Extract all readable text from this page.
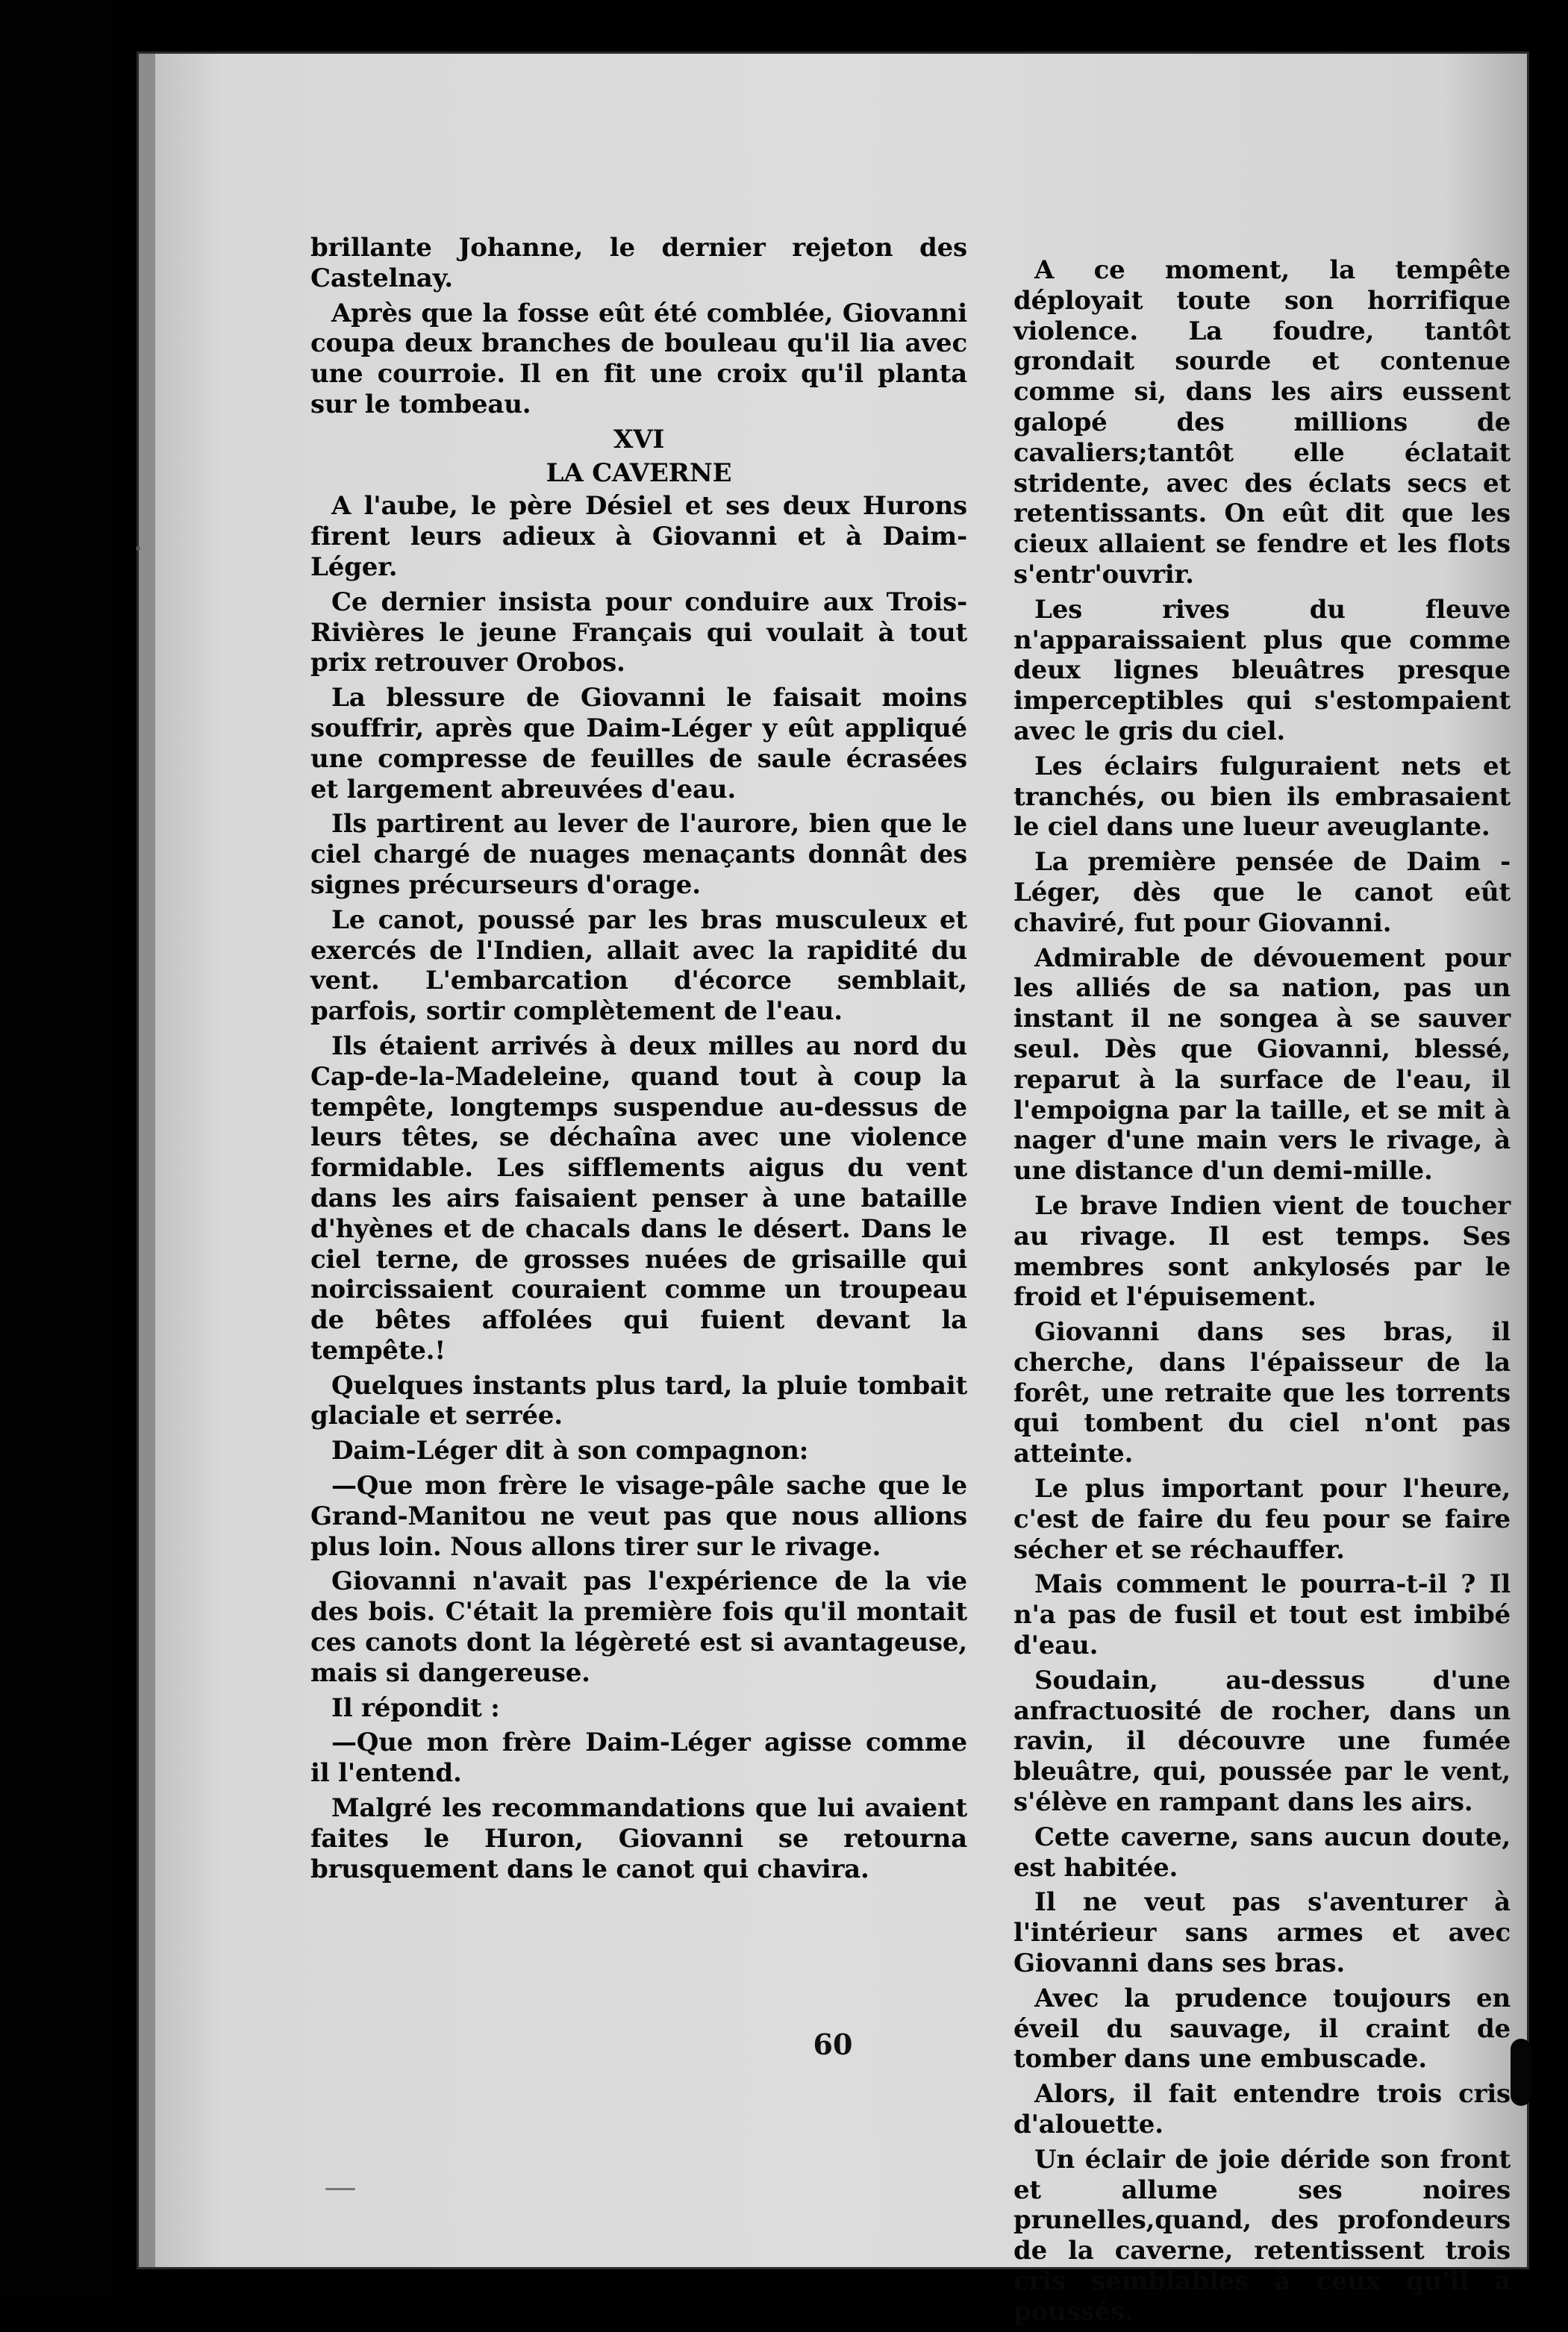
brillante Johanne, le dernier rejeton des Castelnay.

Après que la fosse eût été comblée, Giovanni coupa deux branches de bouleau qu'il lia avec une courroie. Il en fit une croix qu'il planta sur le tombeau.

XVI
LA CAVERNE

A l'aube, le père Désiel et ses deux Hurons firent leurs adieux à Giovanni et à Daim-Léger.

Ce dernier insista pour conduire aux Trois-Rivières le jeune Français qui voulait à tout prix retrouver Orobos.

La blessure de Giovanni le faisait moins souffrir, après que Daim-Léger y eût appliqué une compresse de feuilles de saule écrasées et largement abreuvées d'eau.

Ils partirent au lever de l'aurore, bien que le ciel chargé de nuages menaçants donnât des signes précurseurs d'orage.

Le canot, poussé par les bras musculeux et exercés de l'Indien, allait avec la rapidité du vent. L'embarcation d'écorce semblait, parfois, sortir complètement de l'eau.

Ils étaient arrivés à deux milles au nord du Cap-de-la-Madeleine, quand tout à coup la tempête, longtemps suspendue au-dessus de leurs têtes, se déchaîna avec une violence formidable. Les sifflements aigus du vent dans les airs faisaient penser à une bataille d'hyènes et de chacals dans le désert. Dans le ciel terne, de grosses nuées de grisaille qui noircissaient couraient comme un troupeau de bêtes affolées qui fuient devant la tempête.!

Quelques instants plus tard, la pluie tombait glaciale et serrée.

Daim-Léger dit à son compagnon:

—Que mon frère le visage-pâle sache que le Grand-Manitou ne veut pas que nous allions plus loin. Nous allons tirer sur le rivage.

Giovanni n'avait pas l'expérience de la vie des bois. C'était la première fois qu'il montait ces canots dont la légèreté est si avantageuse, mais si dangereuse.

Il répondit :

—Que mon frère Daim-Léger agisse comme il l'entend.

Malgré les recommandations que lui avaient faites le Huron, Giovanni se retourna brusquement dans le canot qui chavira.

A ce moment, la tempête déployait toute son horrifique violence. La foudre, tantôt grondait sourde et contenue comme si, dans les airs eussent galopé des millions de cavaliers;tantôt elle éclatait stridente, avec des éclats secs et retentissants. On eût dit que les cieux allaient se fendre et les flots s'entr'ouvrir.

Les rives du fleuve n'apparaissaient plus que comme deux lignes bleuâtres presque imperceptibles qui s'estompaient avec le gris du ciel.

Les éclairs fulguraient nets et tranchés, ou bien ils embrasaient le ciel dans une lueur aveuglante.

La première pensée de Daim - Léger, dès que le canot eût chaviré, fut pour Giovanni.

Admirable de dévouement pour les alliés de sa nation, pas un instant il ne songea à se sauver seul. Dès que Giovanni, blessé, reparut à la surface de l'eau, il l'empoigna par la taille, et se mit à nager d'une main vers le rivage, à une distance d'un demi-mille.

Le brave Indien vient de toucher au rivage. Il est temps. Ses membres sont ankylosés par le froid et l'épuisement.

Giovanni dans ses bras, il cherche, dans l'épaisseur de la forêt, une retraite que les torrents qui tombent du ciel n'ont pas atteinte.

Le plus important pour l'heure, c'est de faire du feu pour se faire sécher et se réchauffer.

Mais comment le pourra-t-il ? Il n'a pas de fusil et tout est imbibé d'eau.

Soudain, au-dessus d'une anfractuosité de rocher, dans un ravin, il découvre une fumée bleuâtre, qui, poussée par le vent, s'élève en rampant dans les airs.

Cette caverne, sans aucun doute, est habitée.

Il ne veut pas s'aventurer à l'intérieur sans armes et avec Giovanni dans ses bras.

Avec la prudence toujours en éveil du sauvage, il craint de tomber dans une embuscade.

Alors, il fait entendre trois cris d'alouette.

Un éclair de joie déride son front et allume ses noires prunelles,quand, des profondeurs de la caverne, retentissent trois cris semblables à ceux qu'il a poussés.

60
